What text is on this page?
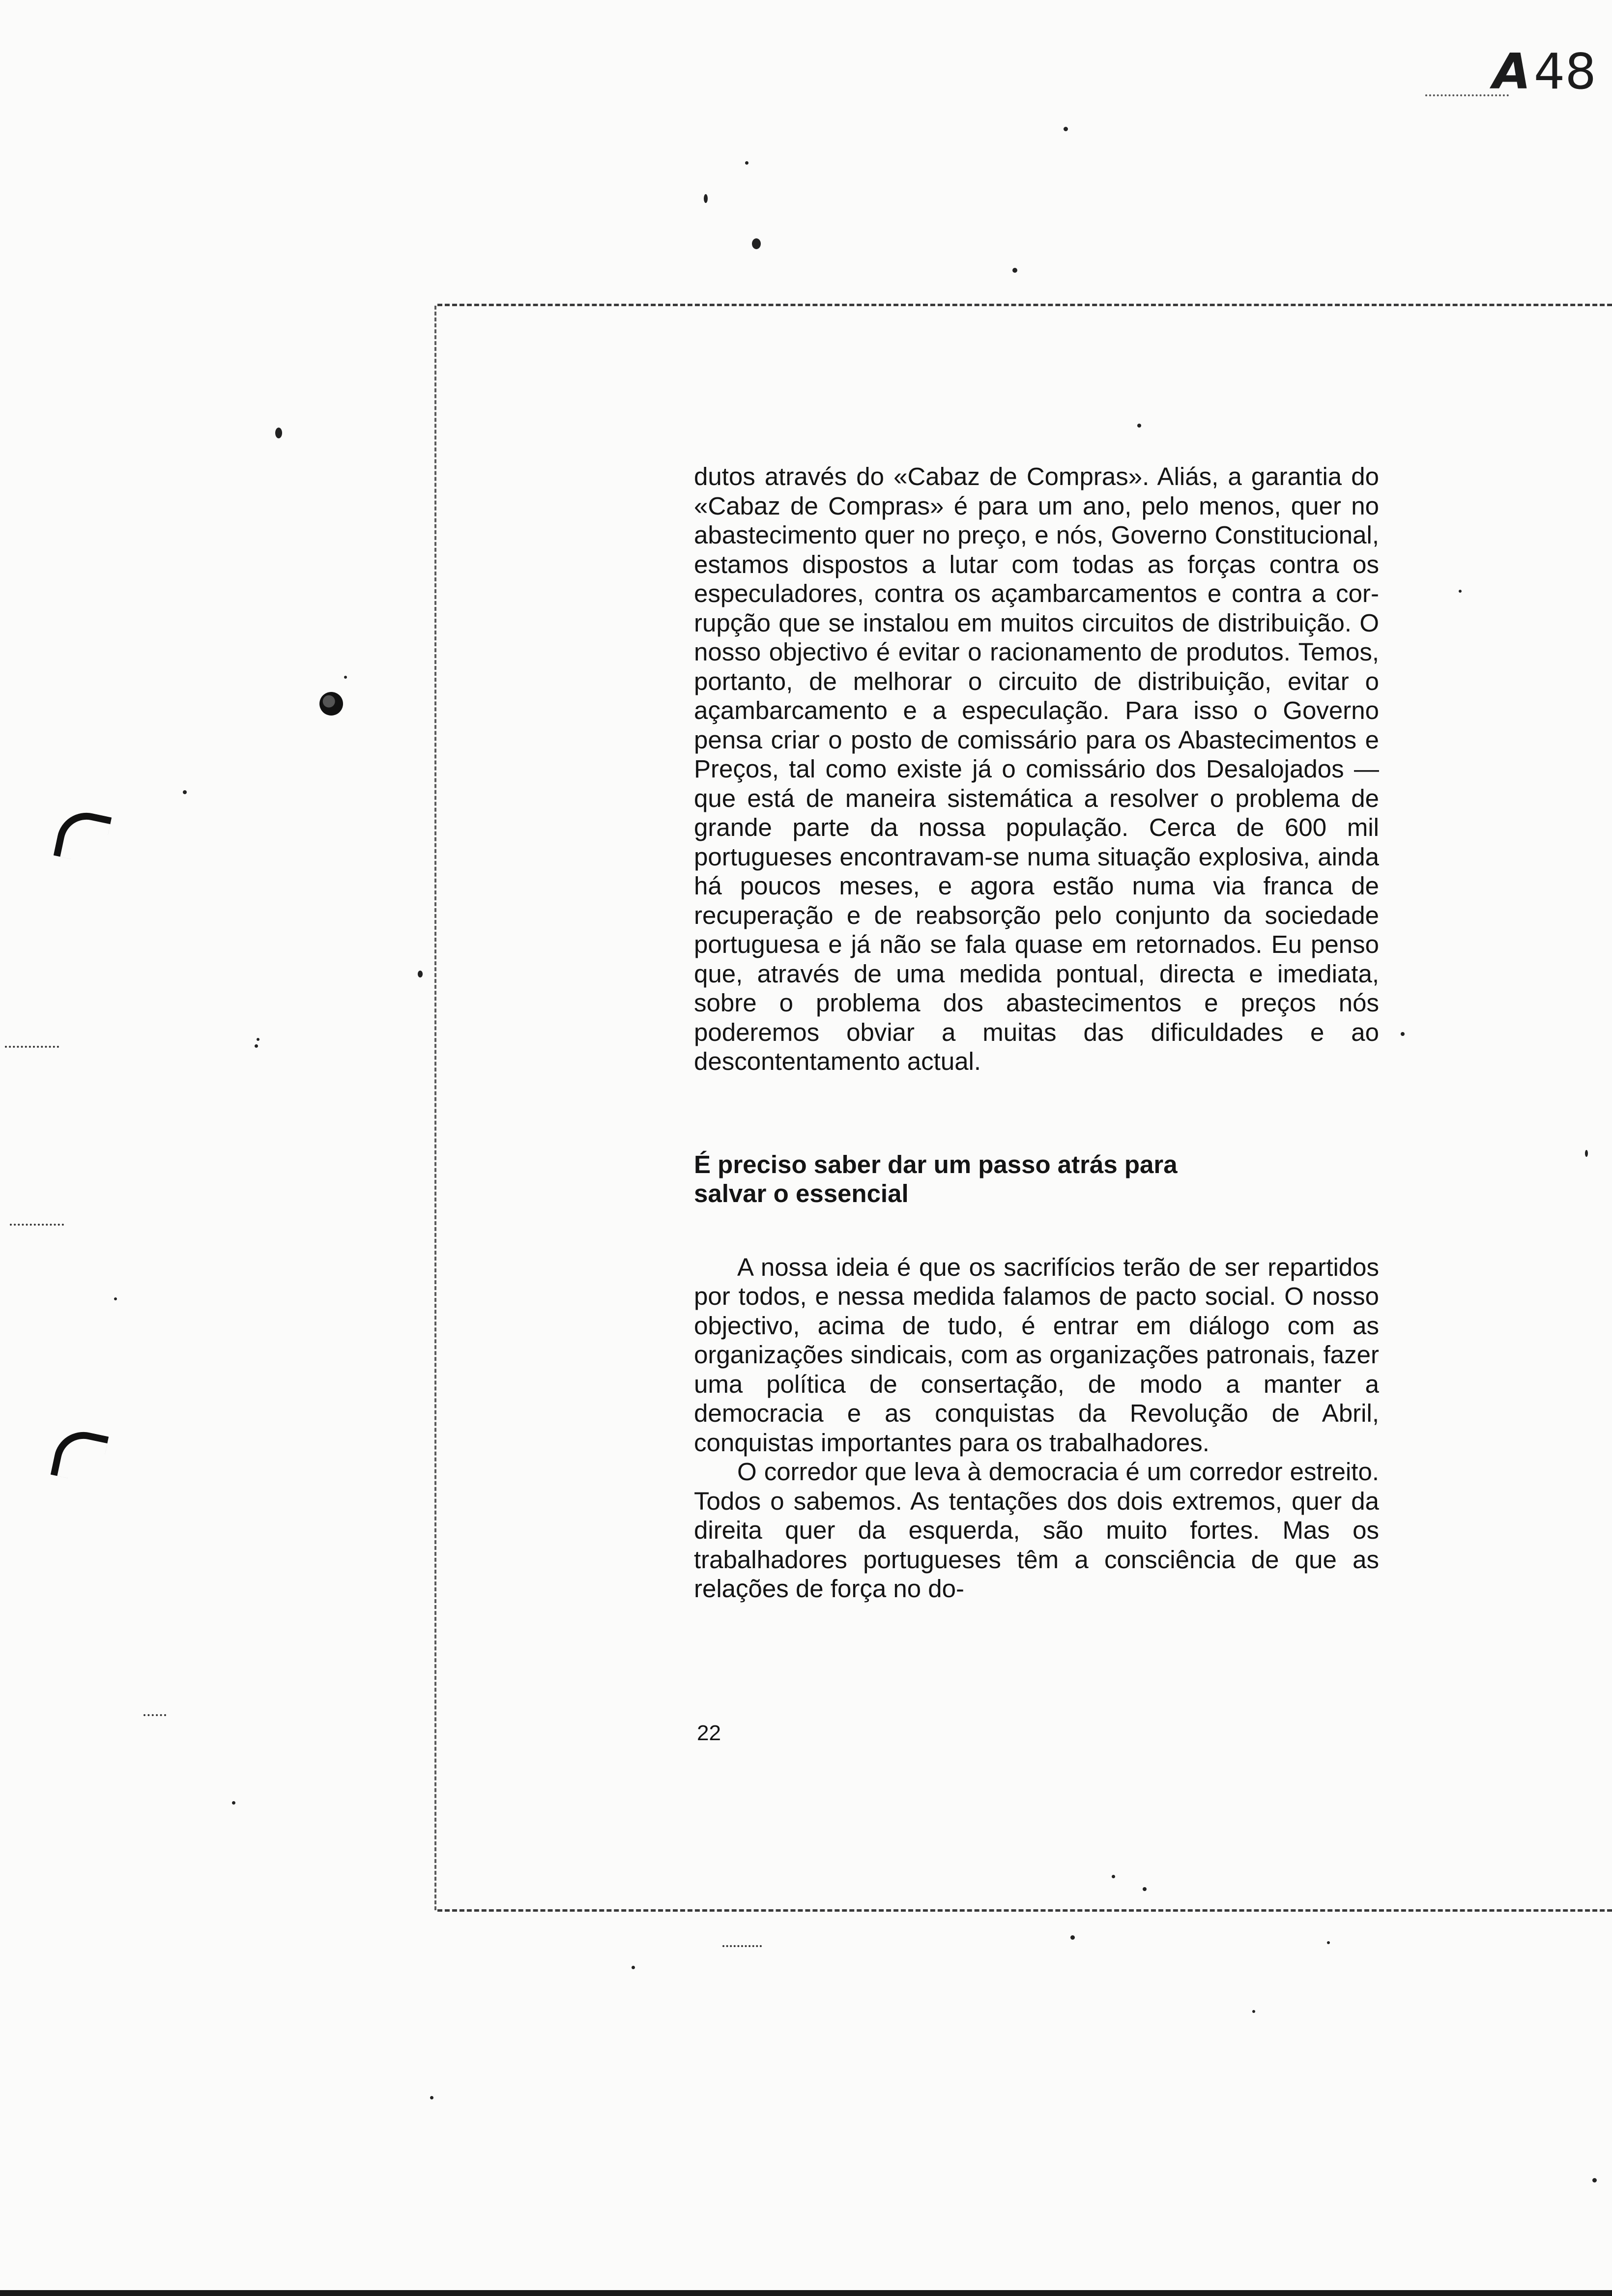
A48

dutos através do «Cabaz de Compras». Aliás, a garantia do «Cabaz de Compras» é para um ano, pelo menos, quer no abastecimento quer no preço, e nós, Governo Constitucional, estamos dispostos a lutar com todas as forças contra os especuladores, contra os açambarcamentos e contra a corrupção que se instalou em muitos circuitos de distribuição. O nosso objectivo é evitar o racionamento de produtos. Temos, portanto, de melhorar o circuito de distribuição, evitar o açambarcamento e a especulação. Para isso o Governo pensa criar o posto de comissário para os Abastecimentos e Preços, tal como existe já o comissário dos Desalojados — que está de maneira sistemática a resolver o problema de grande parte da nossa população. Cerca de 600 mil portugueses encontravam-se numa situação explosiva, ainda há poucos meses, e agora estão numa via franca de recuperação e de reabsorção pelo conjunto da sociedade portuguesa e já não se fala quase em retornados. Eu penso que, através de uma medida pontual, directa e imediata, sobre o problema dos abastecimentos e preços nós poderemos obviar a muitas das dificuldades e ao descontentamento actual.

É preciso saber dar um passo atrás para salvar o essencial

A nossa ideia é que os sacrifícios terão de ser repartidos por todos, e nessa medida falamos de pacto social. O nosso objectivo, acima de tudo, é entrar em diálogo com as organizações sindicais, com as organizações patronais, fazer uma política de consertação, de modo a manter a democracia e as conquistas da Revolução de Abril, conquistas importantes para os trabalhadores.

O corredor que leva à democracia é um corredor estreito. Todos o sabemos. As tentações dos dois extremos, quer da direita quer da esquerda, são muito fortes. Mas os trabalhadores portugueses têm a consciência de que as relações de força no do-

22
